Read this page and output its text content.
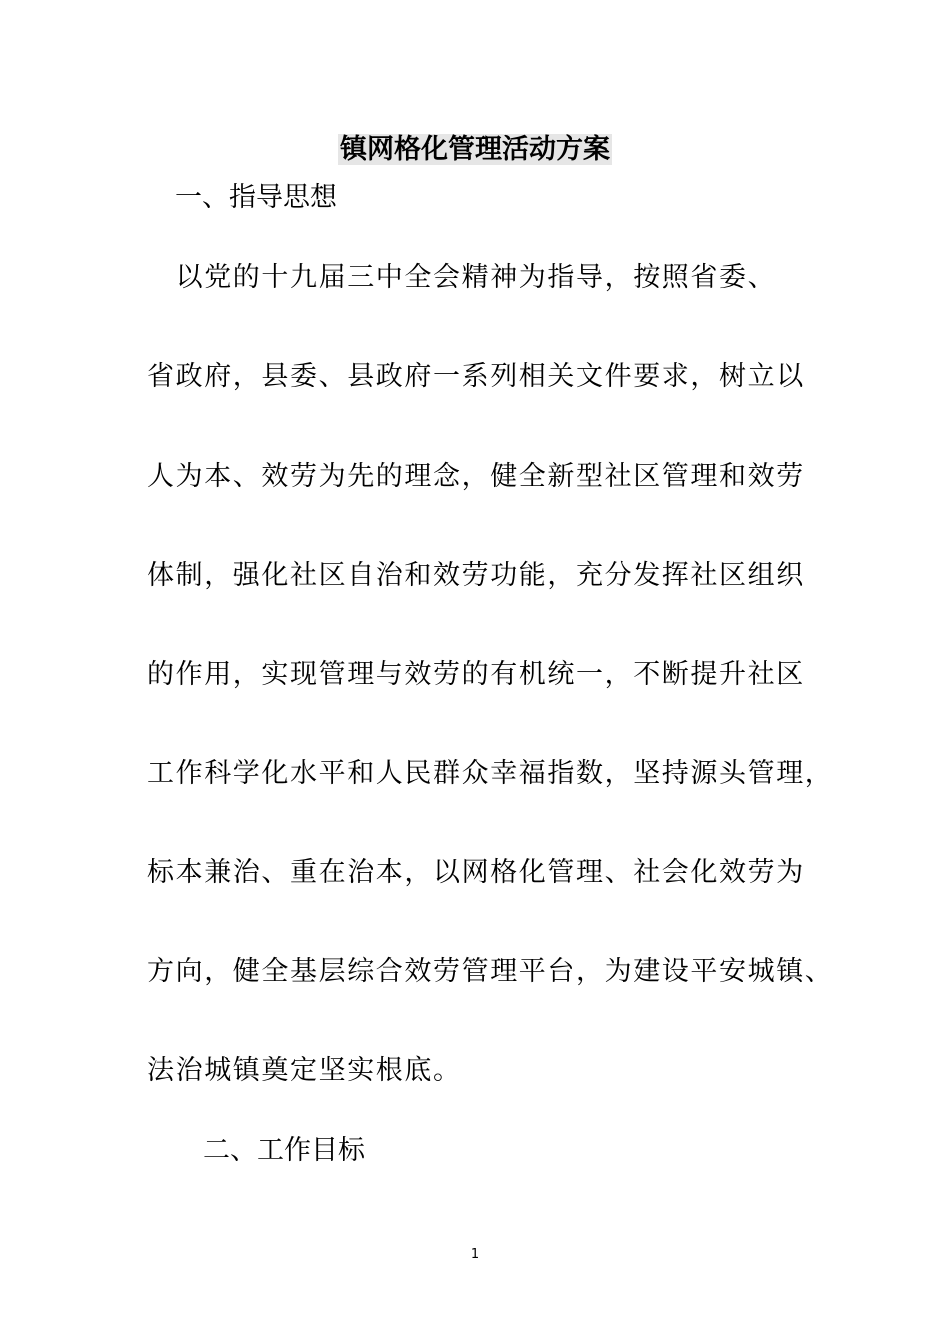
镇网格化管理活动方案
一、指导思想
　以党的十九届三中全会精神为指导，按照省委、
省政府，县委、县政府一系列相关文件要求，树立以
人为本、效劳为先的理念，健全新型社区管理和效劳
体制，强化社区自治和效劳功能，充分发挥社区组织
的作用，实现管理与效劳的有机统一，不断提升社区
工作科学化水平和人民群众幸福指数，坚持源头管理，
标本兼治、重在治本，以网格化管理、社会化效劳为
方向，健全基层综合效劳管理平台，为建设平安城镇、
法治城镇奠定坚实根底。
二、工作目标
1
